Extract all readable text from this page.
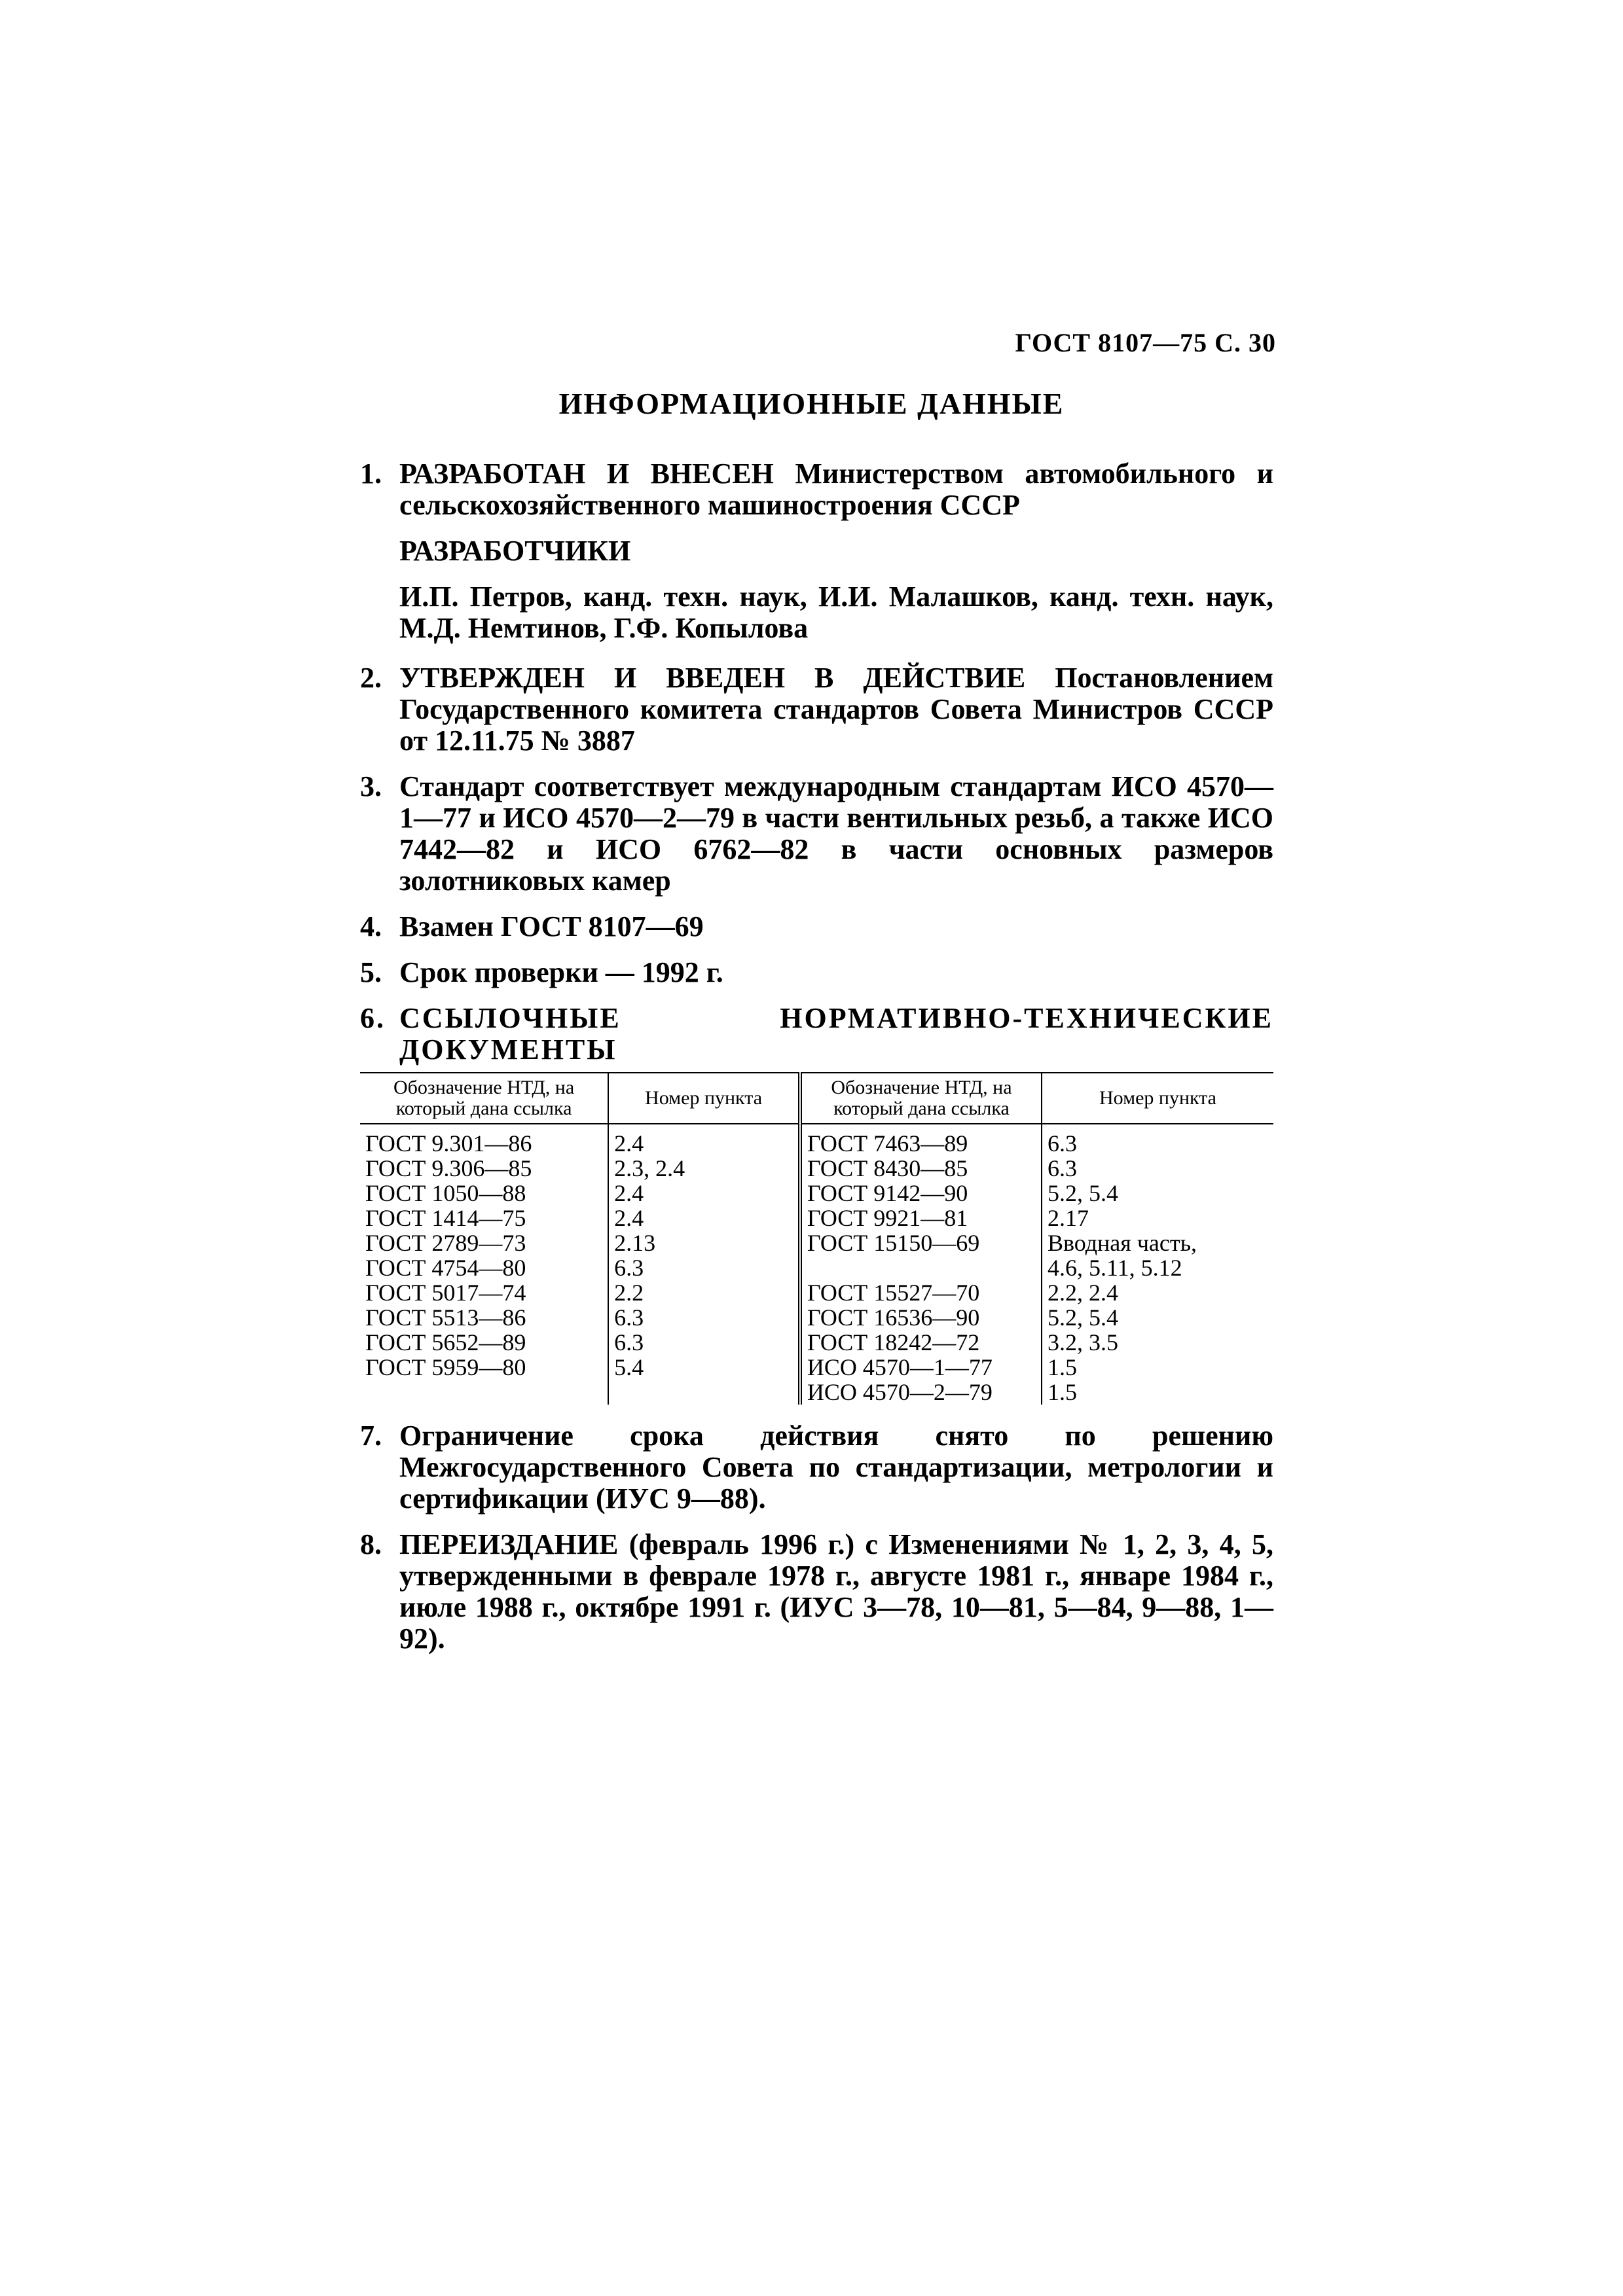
ГОСТ 8107—75 С. 30
ИНФОРМАЦИОННЫЕ ДАННЫЕ
1. РАЗРАБОТАН И ВНЕСЕН Министерством автомобильного и сельскохозяйственного машиностроения СССР
РАЗРАБОТЧИКИ
И.П. Петров, канд. техн. наук, И.И. Малашков, канд. техн. наук, М.Д. Немтинов, Г.Ф. Копылова
2. УТВЕРЖДЕН И ВВЕДЕН В ДЕЙСТВИЕ Постановлением Государственного комитета стандартов Совета Министров СССР от 12.11.75 № 3887
3. Стандарт соответствует международным стандартам ИСО 4570—1—77 и ИСО 4570—2—79 в части вентильных резьб, а также ИСО 7442—82 и ИСО 6762—82 в части основных размеров золотниковых камер
4. Взамен ГОСТ 8107—69
5. Срок проверки — 1992 г.
6. ССЫЛОЧНЫЕ НОРМАТИВНО-ТЕХНИЧЕСКИЕ ДОКУМЕНТЫ
Обозначение НТД, на который дана ссылка	Номер пункта	Обозначение НТД, на который дана ссылка	Номер пункта
ГОСТ 9.301—86	2.4	ГОСТ 7463—89	6.3
ГОСТ 9.306—85	2.3, 2.4	ГОСТ 8430—85	6.3
ГОСТ 1050—88	2.4	ГОСТ 9142—90	5.2, 5.4
ГОСТ 1414—75	2.4	ГОСТ 9921—81	2.17
ГОСТ 2789—73	2.13	ГОСТ 15150—69	Вводная часть,
ГОСТ 4754—80	6.3		4.6, 5.11, 5.12
ГОСТ 5017—74	2.2	ГОСТ 15527—70	2.2, 2.4
ГОСТ 5513—86	6.3	ГОСТ 16536—90	5.2, 5.4
ГОСТ 5652—89	6.3	ГОСТ 18242—72	3.2, 3.5
ГОСТ 5959—80	5.4	ИСО 4570—1—77	1.5
		ИСО 4570—2—79	1.5
7. Ограничение срока действия снято по решению Межгосударственного Совета по стандартизации, метрологии и сертификации (ИУС 9—88).
8. ПЕРЕИЗДАНИЕ (февраль 1996 г.) с Изменениями № 1, 2, 3, 4, 5, утвержденными в феврале 1978 г., августе 1981 г., январе 1984 г., июле 1988 г., октябре 1991 г. (ИУС 3—78, 10—81, 5—84, 9—88, 1—92).
